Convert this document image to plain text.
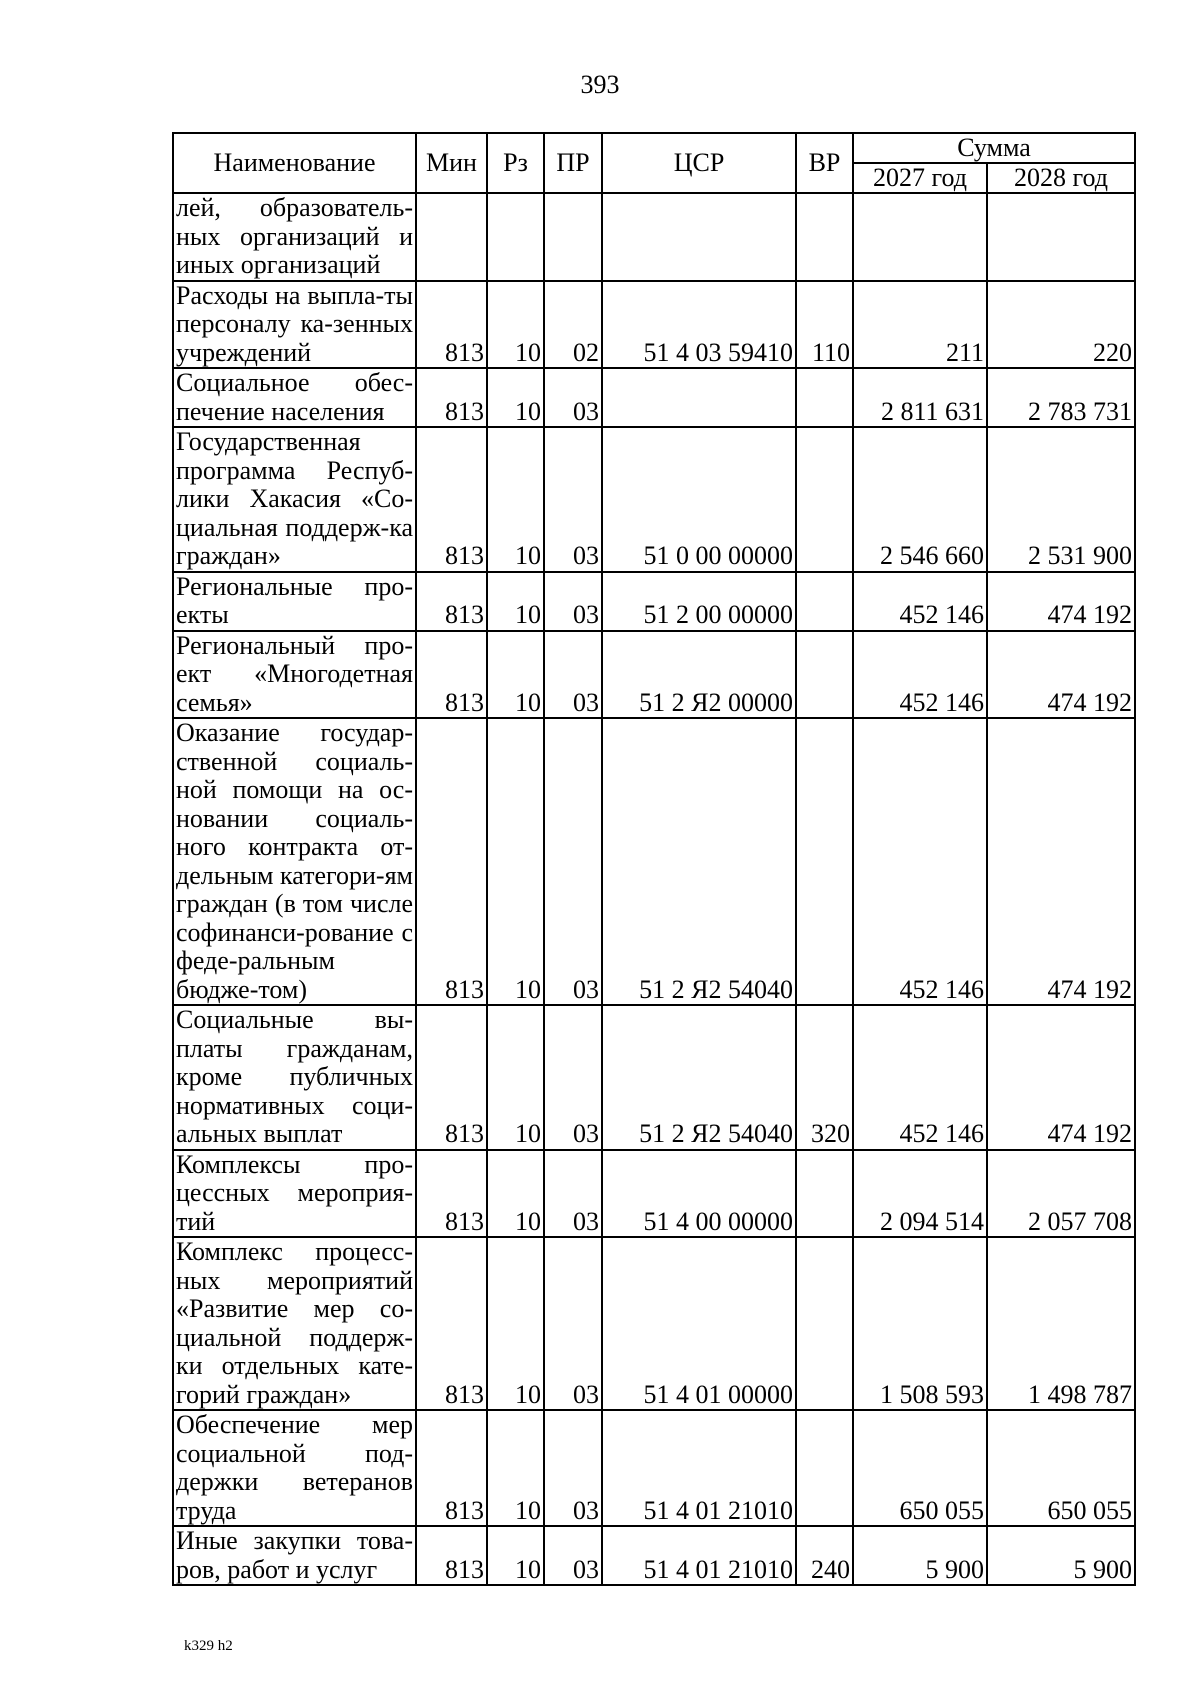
393
Наименование	Мин	Рз	ПР	ЦСР	ВР	Сумма	
						2027 год	2028 год
лей, образователь-ных организаций и иных организаций							
Расходы на выпла-ты персоналу ка-зенных учреждений	813	10	02	51 4 03 59410	110	211	220
Социальное обес-печение населения	813	10	03			2 811 631	2 783 731
Государственная программа Респуб-лики Хакасия «Со-циальная поддерж-ка граждан»	813	10	03	51 0 00 00000		2 546 660	2 531 900
Региональные про-екты	813	10	03	51 2 00 00000		452 146	474 192
Региональный про-ект «Многодетная семья»	813	10	03	51 2 Я2 00000		452 146	474 192
Оказание государ-ственной социаль-ной помощи на ос-новании социаль-ного контракта от-дельным категори-ям граждан (в том числе софинанси-рование с феде-ральным бюдже-том)	813	10	03	51 2 Я2 54040		452 146	474 192
Социальные вы-платы гражданам, кроме публичных нормативных соци-альных выплат	813	10	03	51 2 Я2 54040	320	452 146	474 192
Комплексы про-цессных мероприя-тий	813	10	03	51 4 00 00000		2 094 514	2 057 708
Комплекс процесс-ных мероприятий «Развитие мер со-циальной поддерж-ки отдельных кате-горий граждан»	813	10	03	51 4 01 00000		1 508 593	1 498 787
Обеспечение мер социальной под-держки ветеранов труда	813	10	03	51 4 01 21010		650 055	650 055
Иные закупки това-ров, работ и услуг	813	10	03	51 4 01 21010	240	5 900	5 900
k329 h2
